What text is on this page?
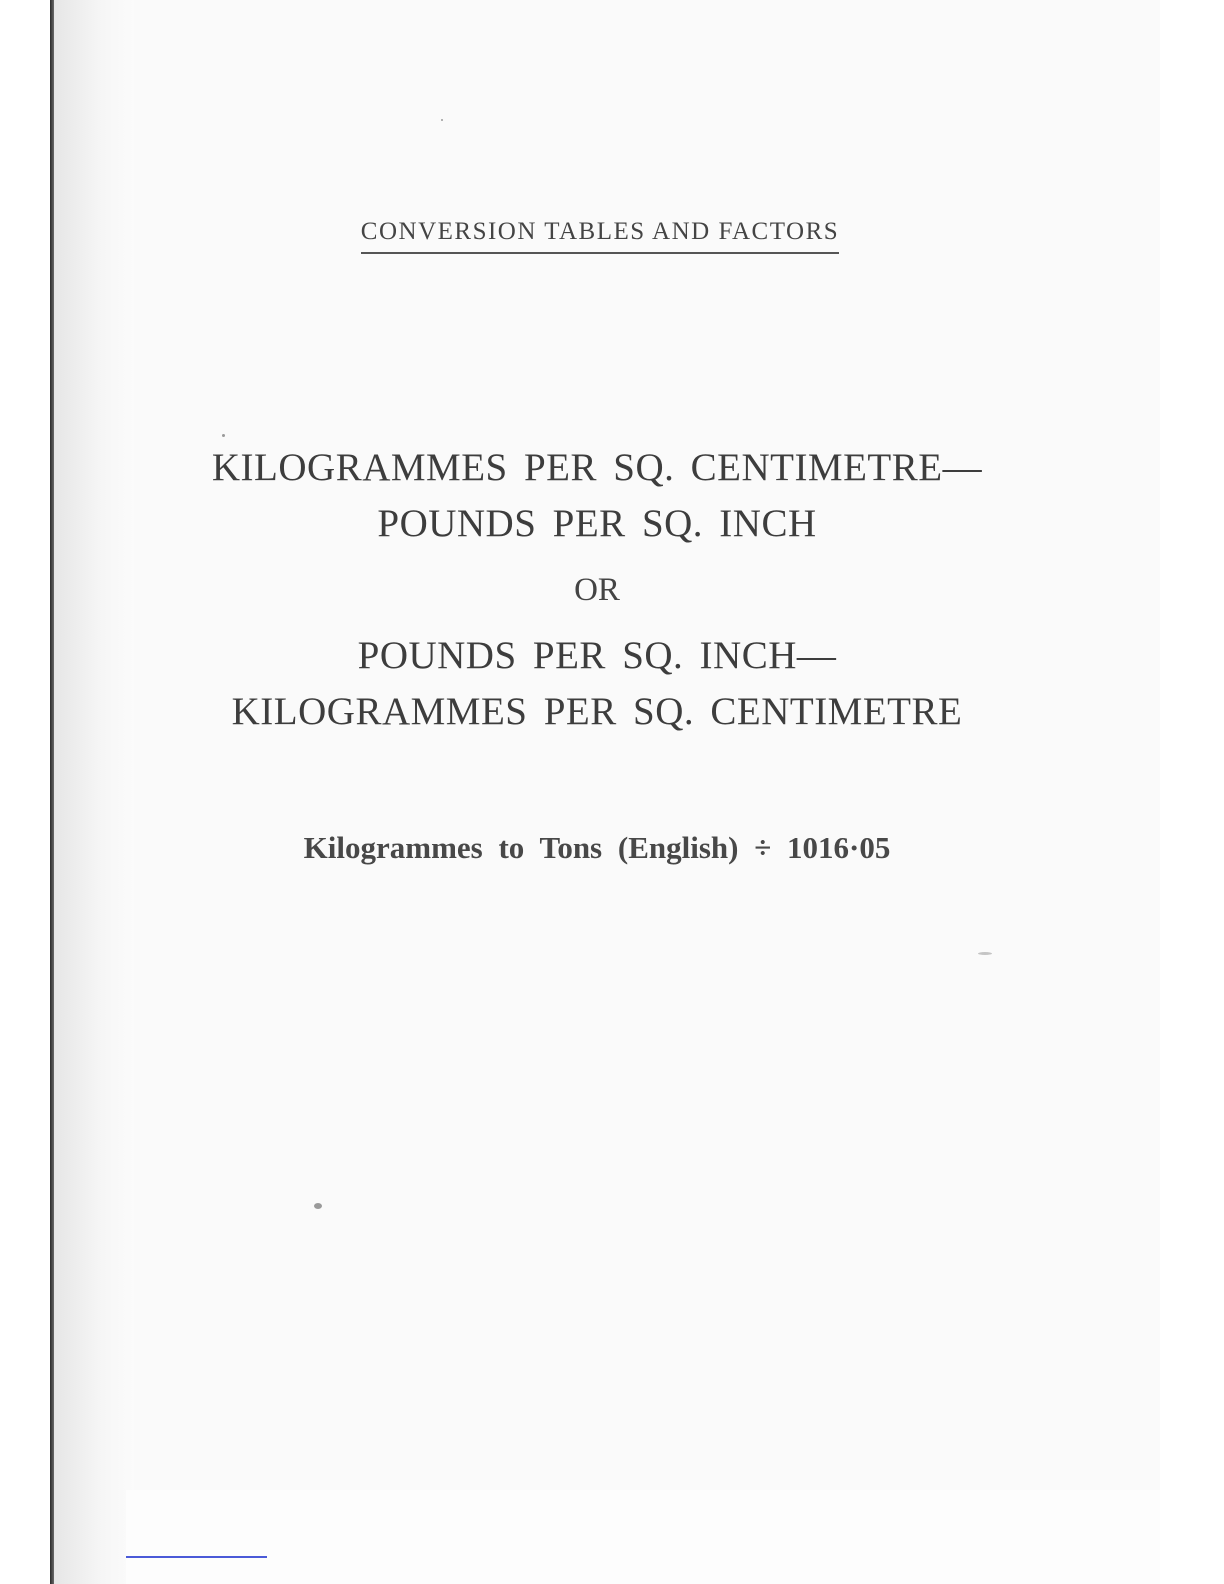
CONVERSION TABLES AND FACTORS
KILOGRAMMES PER SQ. CENTIMETRE—
POUNDS PER SQ. INCH
OR
POUNDS PER SQ. INCH—
KILOGRAMMES PER SQ. CENTIMETRE
Kilogrammes to Tons (English) ÷ 1016·05
